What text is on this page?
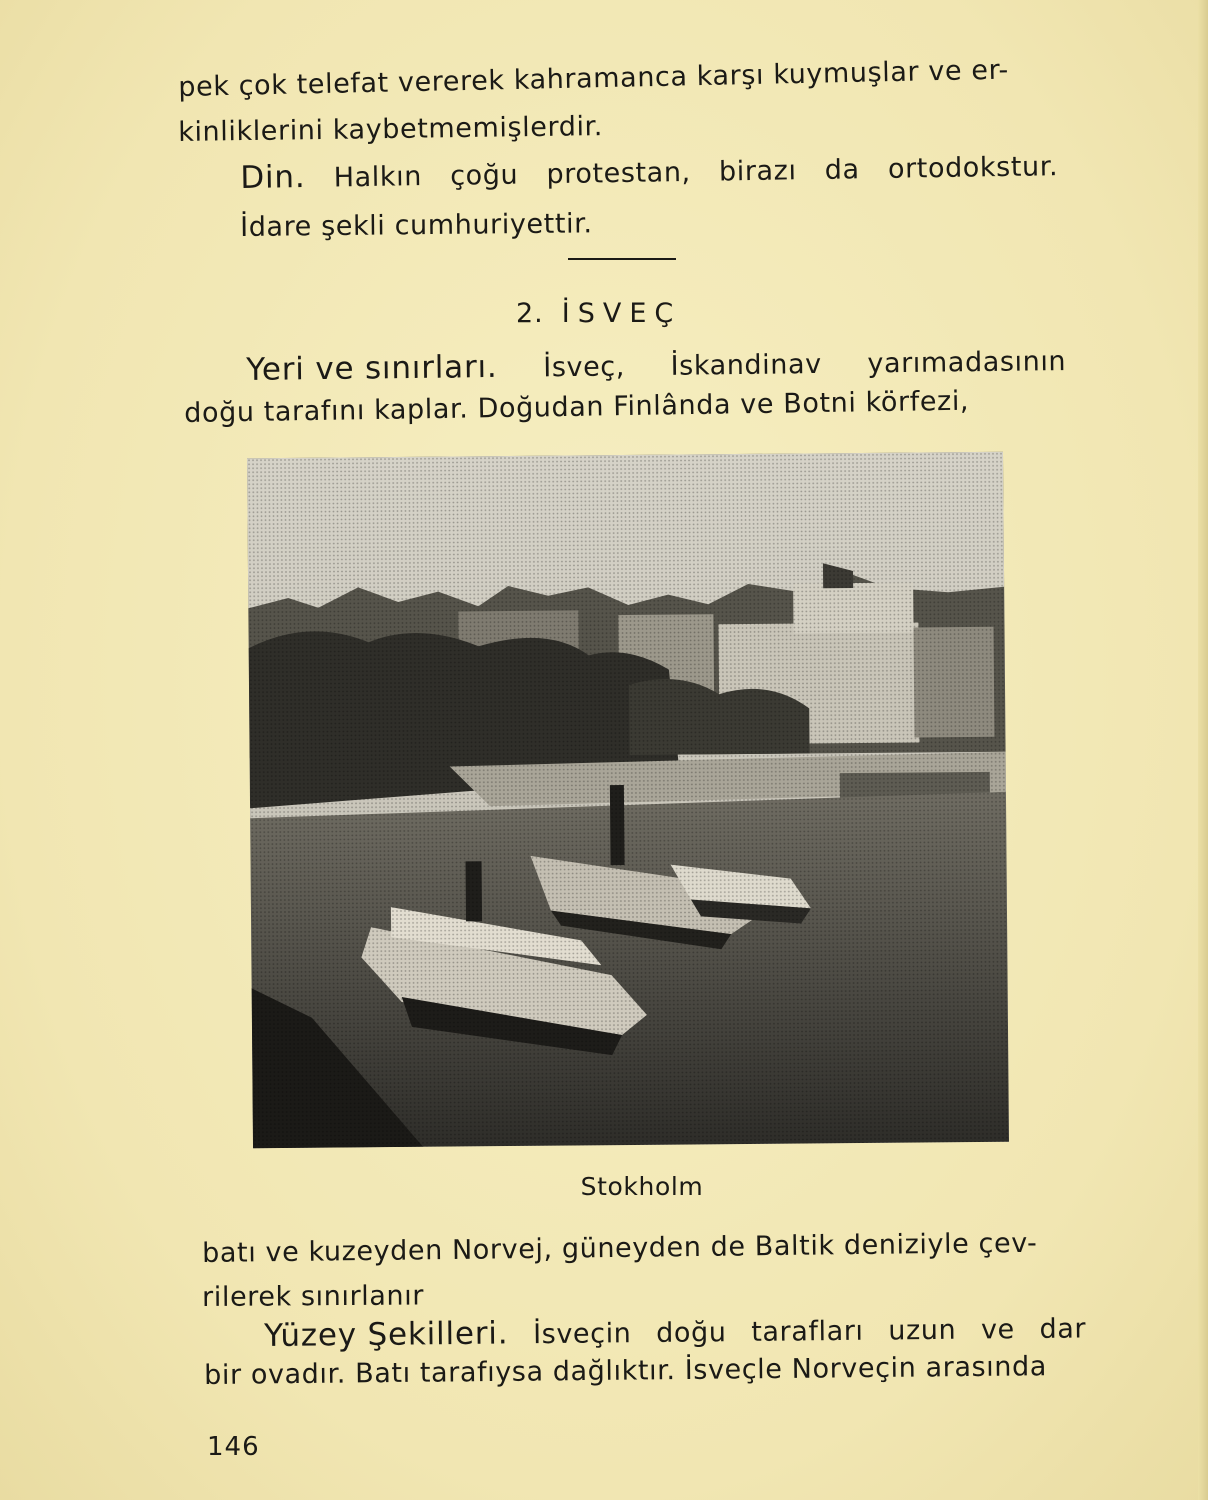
pek çok telefat vererek kahramanca karşı kuymuşlar ve er-
kinliklerini kaybetmemişlerdir.
Din. Halkın çoğu protestan, birazı da ortodokstur.
İdare şekli cumhuriyettir.
2. İSVEÇ
Yeri ve sınırları. İsveç, İskandinav yarımadasının
doğu tarafını kaplar. Doğudan Finlânda ve Botni körfezi,
Stokholm
batı ve kuzeyden Norvej, güneyden de Baltik deniziyle çev-
rilerek sınırlanır
Yüzey Şekilleri. İsveçin doğu tarafları uzun ve dar
bir ovadır. Batı tarafıysa dağlıktır. İsveçle Norveçin arasında
146
